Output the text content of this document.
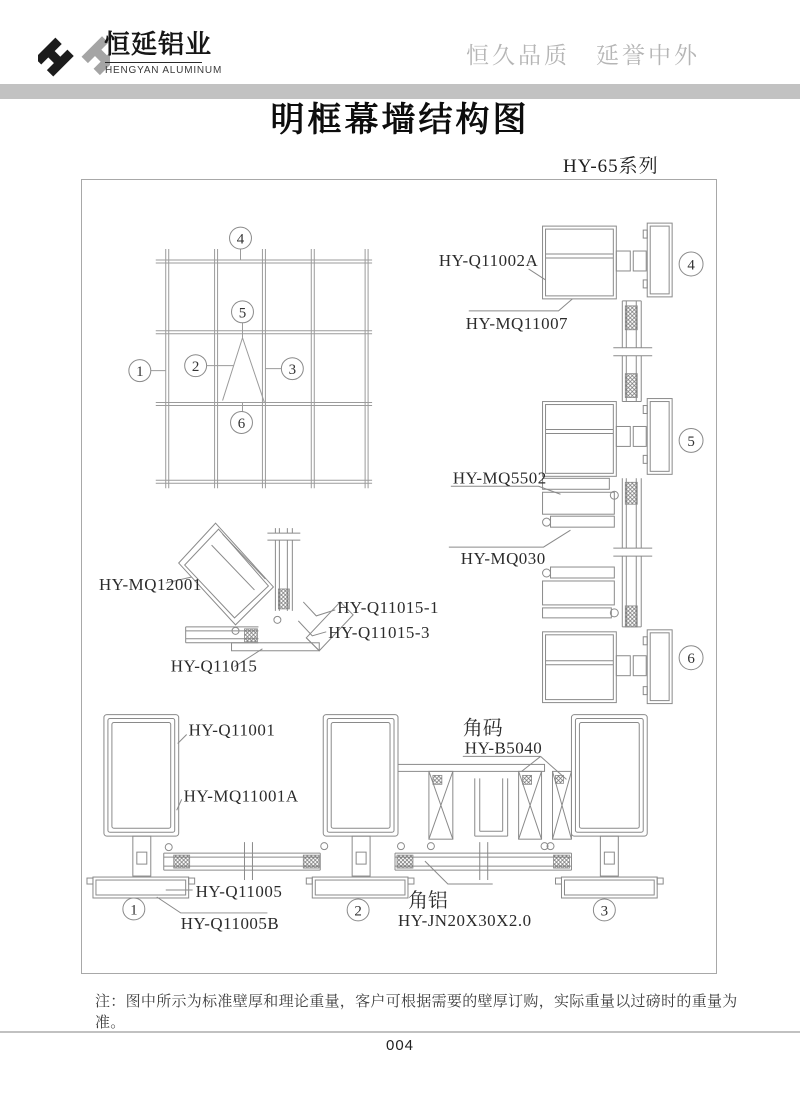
恒延铝业
HENGYAN ALUMINUM
恒久品质　延誉中外
明框幕墙结构图
HY-65系列
4
5
6
1	2	3
4
HY-Q11002A
HY-MQ11007
5
HY-MQ5502
HY-MQ030
6
HY-MQ12001
HY-Q11015-1
HY-Q11015-3
HY-Q11015
1	2	3
HY-Q11001
HY-MQ11001A
角码
HY-B5040
HY-Q11005
HY-Q11005B
角铝
HY-JN20X30X2.0
注：图中所示为标准壁厚和理论重量，客户可根据需要的壁厚订购，实际重量以过磅时的重量为准。
004
